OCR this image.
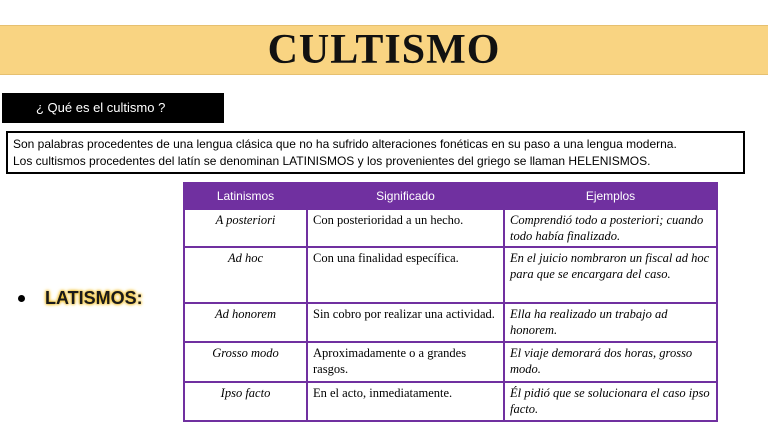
CULTISMO
¿ Qué es el cultismo ?
Son palabras procedentes de una lengua clásica que no ha sufrido alteraciones fonéticas en su paso a una lengua moderna.
Los cultismos procedentes del latín se denominan LATINISMOS y los provenientes del griego se llaman HELENISMOS.
LATISMOS:
Latinismos	Significado	Ejemplos
A posteriori	Con posterioridad a un hecho.	Comprendió todo a posteriori; cuando todo había finalizado.
Ad hoc	Con una finalidad específica.	En el juicio nombraron un fiscal ad hoc para que se encargara del caso.
Ad honorem	Sin cobro por realizar una actividad.	Ella ha realizado un trabajo ad honorem.
Grosso modo	Aproximadamente o a grandes rasgos.	El viaje demorará dos horas, grosso modo.
Ipso facto	En el acto, inmediatamente.	Él pidió que se solucionara el caso ipso facto.
